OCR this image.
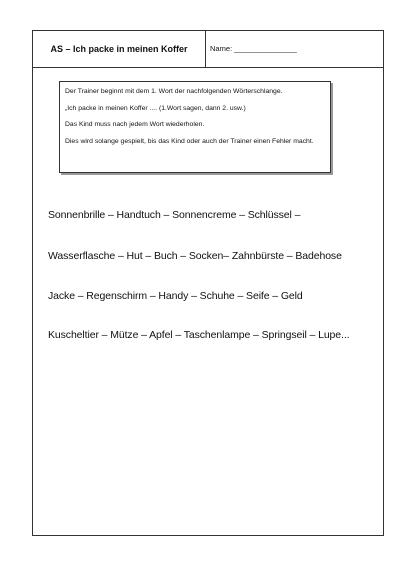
AS – Ich packe in meinen Koffer	Name: _______________

Der Trainer beginnt mit dem 1. Wort der nachfolgenden Wörterschlange.

„Ich packe in meinen Koffer .... (1.Wort sagen, dann 2. usw.)

Das Kind muss nach jedem Wort wiederholen.

Dies wird solange gespielt, bis das Kind oder auch der Trainer einen Fehler macht.

Sonnenbrille – Handtuch – Sonnencreme – Schlüssel –
Wasserflasche – Hut – Buch – Socken– Zahnbürste – Badehose
Jacke – Regenschirm – Handy – Schuhe – Seife – Geld
Kuscheltier – Mütze – Apfel – Taschenlampe – Springseil – Lupe...
